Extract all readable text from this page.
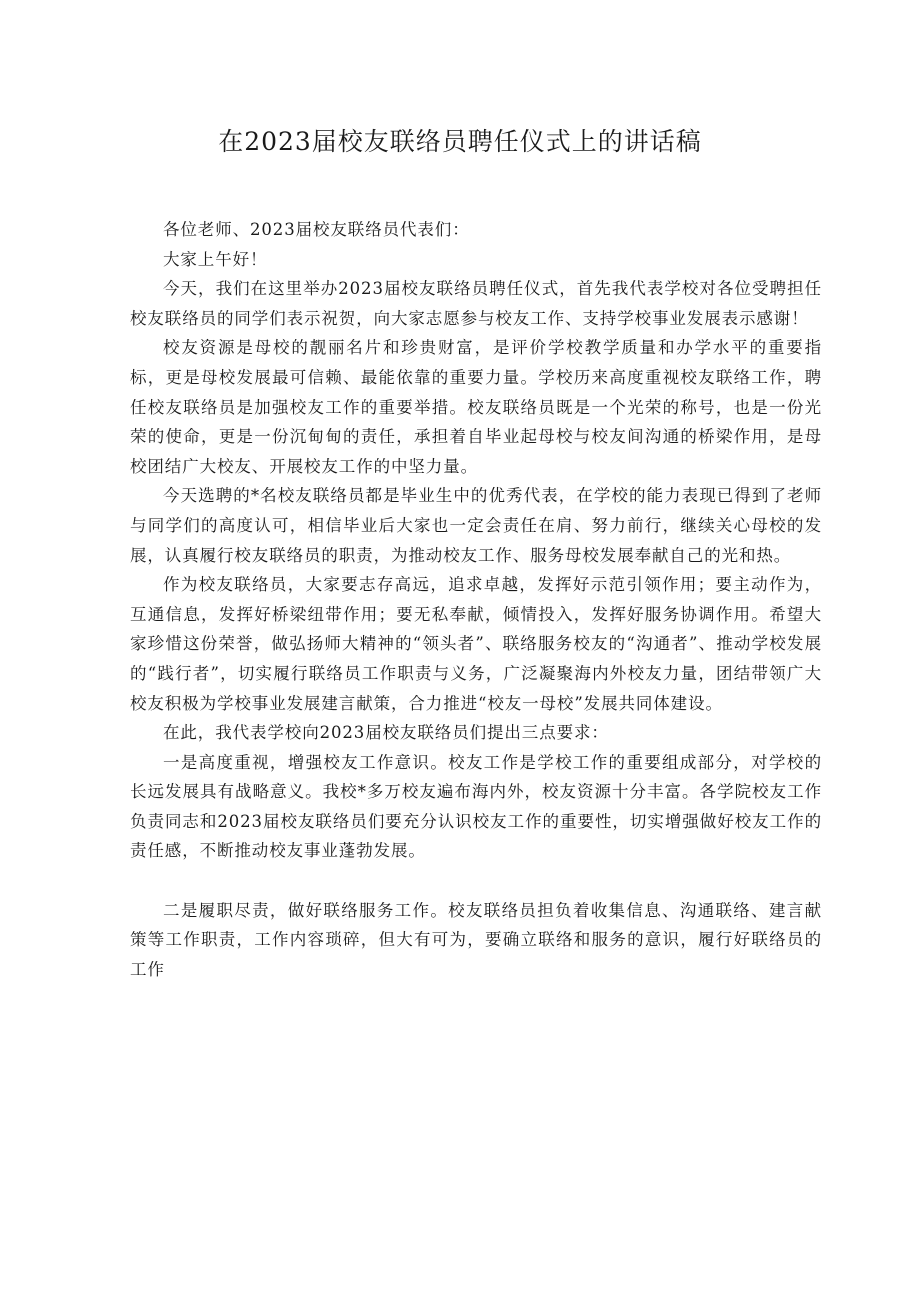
在2023届校友联络员聘任仪式上的讲话稿

各位老师、2023届校友联络员代表们：

大家上午好！

今天，我们在这里举办2023届校友联络员聘任仪式，首先我代表学校对各位受聘担任校友联络员的同学们表示祝贺，向大家志愿参与校友工作、支持学校事业发展表示感谢！

校友资源是母校的靓丽名片和珍贵财富，是评价学校教学质量和办学水平的重要指标，更是母校发展最可信赖、最能依靠的重要力量。学校历来高度重视校友联络工作，聘任校友联络员是加强校友工作的重要举措。校友联络员既是一个光荣的称号，也是一份光荣的使命，更是一份沉甸甸的责任，承担着自毕业起母校与校友间沟通的桥梁作用，是母校团结广大校友、开展校友工作的中坚力量。

今天选聘的*名校友联络员都是毕业生中的优秀代表，在学校的能力表现已得到了老师与同学们的高度认可，相信毕业后大家也一定会责任在肩、努力前行，继续关心母校的发展，认真履行校友联络员的职责，为推动校友工作、服务母校发展奉献自己的光和热。

作为校友联络员，大家要志存高远，追求卓越，发挥好示范引领作用；要主动作为，互通信息，发挥好桥梁纽带作用；要无私奉献，倾情投入，发挥好服务协调作用。希望大家珍惜这份荣誉，做弘扬师大精神的“领头者”、联络服务校友的“沟通者”、推动学校发展的“践行者”，切实履行联络员工作职责与义务，广泛凝聚海内外校友力量，团结带领广大校友积极为学校事业发展建言献策，合力推进“校友一母校”发展共同体建设。

在此，我代表学校向2023届校友联络员们提出三点要求：

一是高度重视，增强校友工作意识。校友工作是学校工作的重要组成部分，对学校的长远发展具有战略意义。我校*多万校友遍布海内外，校友资源十分丰富。各学院校友工作负责同志和2023届校友联络员们要充分认识校友工作的重要性，切实增强做好校友工作的责任感，不断推动校友事业蓬勃发展。

二是履职尽责，做好联络服务工作。校友联络员担负着收集信息、沟通联络、建言献策等工作职责，工作内容琐碎，但大有可为，要确立联络和服务的意识，履行好联络员的工作
